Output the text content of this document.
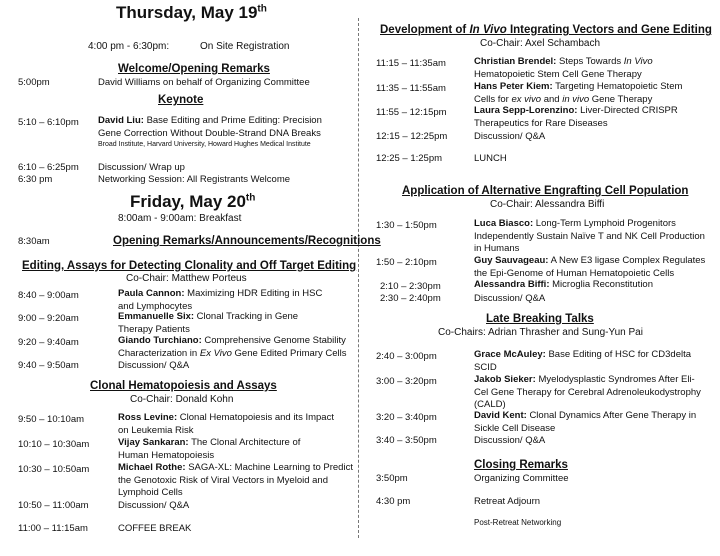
Thursday, May 19th
4:00 pm - 6:30pm:	On Site Registration
Welcome/Opening Remarks
5:00pm	David Williams on behalf of Organizing Committee
Keynote
5:10 – 6:10pm David Liu: Base Editing and Prime Editing: Precision Gene Correction Without Double-Strand DNA Breaks
Broad Institute, Harvard University, Howard Hughes Medical Institute
6:10 – 6:25pm Discussion/ Wrap up
6:30 pm	Networking Session: All Registrants Welcome
Friday, May 20th
8:00am - 9:00am: Breakfast
8:30am	Opening Remarks/Announcements/Recognitions
Editing, Assays for Detecting Clonality and Off Target Editing
Co-Chair: Matthew Porteus
8:40 – 9:00am	Paula Cannon: Maximizing HDR Editing in HSC and Lymphocytes
9:00 – 9:20am	Emmanuelle Six: Clonal Tracking in Gene Therapy Patients
9:20 – 9:40am	Giando Turchiano: Comprehensive Genome Stability Characterization in Ex Vivo Gene Edited Primary Cells
9:40 – 9:50am	Discussion/ Q&A
Clonal Hematopoiesis and Assays
Co-Chair: Donald Kohn
9:50 – 10:10am	Ross Levine: Clonal Hematopoiesis and its Impact on Leukemia Risk
10:10 – 10:30am	Vijay Sankaran: The Clonal Architecture of Human Hematopoiesis
10:30 – 10:50am	Michael Rothe: SAGA-XL: Machine Learning to Predict the Genotoxic Risk of Viral Vectors in Myeloid and Lymphoid Cells
10:50 – 11:00am	Discussion/ Q&A
11:00 – 11:15am	COFFEE BREAK
Development of In Vivo Integrating Vectors and Gene Editing
Co-Chair: Axel Schambach
11:15 – 11:35am	Christian Brendel: Steps Towards In Vivo Hematopoietic Stem Cell Gene Therapy
11:35 – 11:55am	Hans Peter Kiem: Targeting Hematopoietic Stem Cells for ex vivo and in vivo Gene Therapy
11:55 – 12:15pm	Laura Sepp-Lorenzino: Liver-Directed CRISPR Therapeutics for Rare Diseases
12:15 – 12:25pm	Discussion/ Q&A
12:25 – 1:25pm	LUNCH
Application of Alternative Engrafting Cell Population
Co-Chair: Alessandra Biffi
1:30 – 1:50pm	Luca Biasco: Long-Term Lymphoid Progenitors Independently Sustain Naïve T and NK Cell Production in Humans
1:50 – 2:10pm	Guy Sauvageau: A New E3 ligase Complex Regulates the Epi-Genome of Human Hematopoietic Cells
2:10 – 2:30pm	Alessandra Biffi: Microglia Reconstitution
2:30 – 2:40pm	Discussion/ Q&A
Late Breaking Talks
Co-Chairs: Adrian Thrasher and Sung-Yun Pai
2:40 – 3:00pm	Grace McAuley: Base Editing of HSC for CD3delta SCID
3:00 – 3:20pm	Jakob Sieker: Myelodysplastic Syndromes After Eli-Cel Gene Therapy for Cerebral Adrenoleukodystrophy (CALD)
3:20 – 3:40pm	David Kent: Clonal Dynamics After Gene Therapy in Sickle Cell Disease
3:40 – 3:50pm	Discussion/ Q&A
Closing Remarks
3:50pm	Organizing Committee
4:30 pm	Retreat Adjourn
Post-Retreat Networking
